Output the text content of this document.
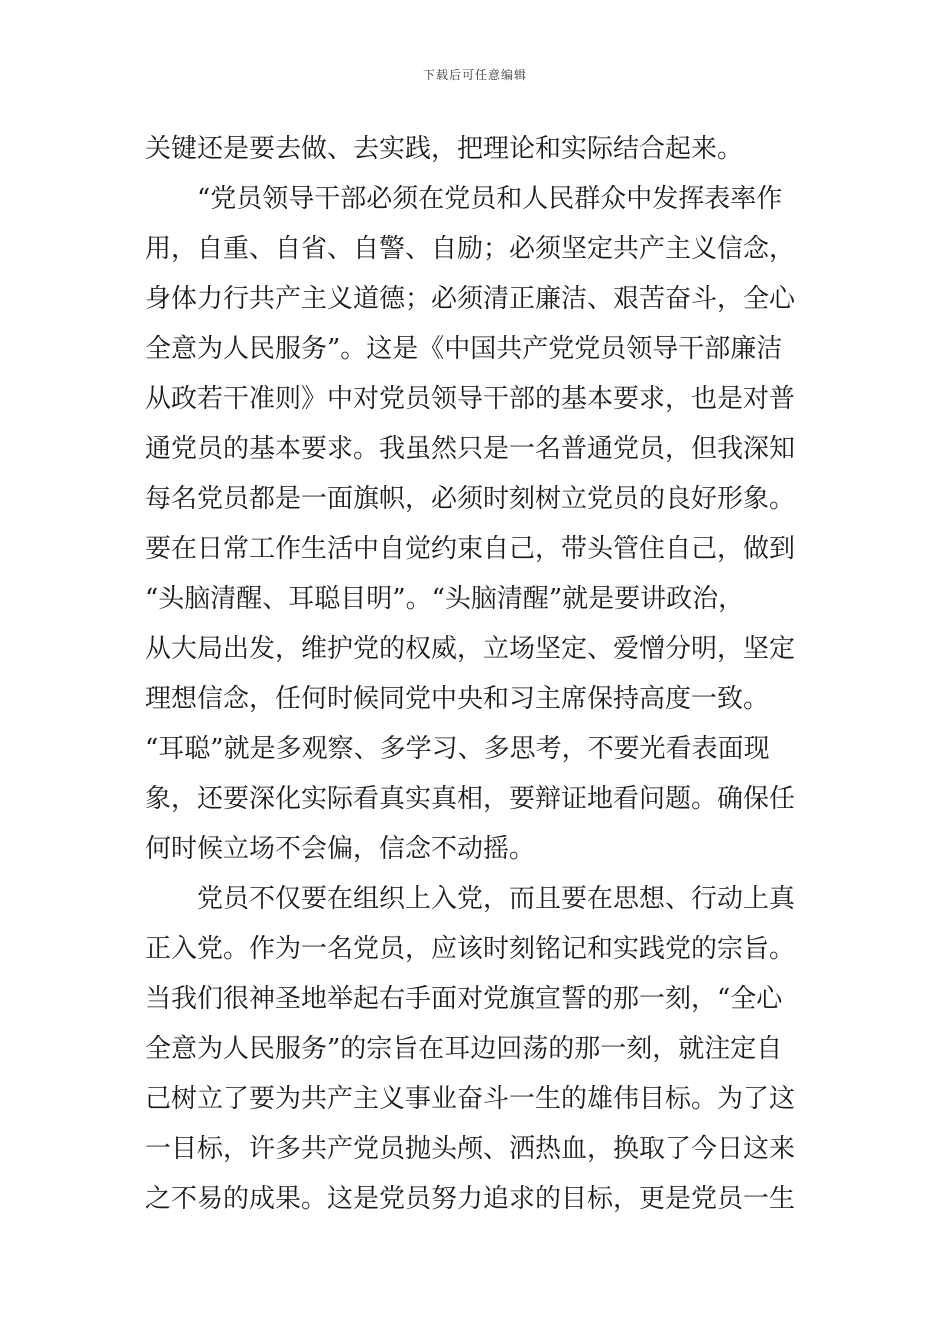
下载后可任意编辑
关键还是要去做、去实践，把理论和实际结合起来。
“党员领导干部必须在党员和人民群众中发挥表率作
用，自重、自省、自警、自励；必须坚定共产主义信念，
身体力行共产主义道德；必须清正廉洁、艰苦奋斗，全心
全意为人民服务”。这是《中国共产党党员领导干部廉洁
从政若干准则》中对党员领导干部的基本要求，也是对普
通党员的基本要求。我虽然只是一名普通党员，但我深知
每名党员都是一面旗帜，必须时刻树立党员的良好形象。
要在日常工作生活中自觉约束自己，带头管住自己，做到
“头脑清醒、耳聪目明”。“头脑清醒”就是要讲政治，
从大局出发，维护党的权威，立场坚定、爱憎分明，坚定
理想信念，任何时候同党中央和习主席保持高度一致。
“耳聪”就是多观察、多学习、多思考，不要光看表面现
象，还要深化实际看真实真相，要辩证地看问题。确保任
何时候立场不会偏，信念不动摇。
党员不仅要在组织上入党，而且要在思想、行动上真
正入党。作为一名党员，应该时刻铭记和实践党的宗旨。
当我们很神圣地举起右手面对党旗宣誓的那一刻，“全心
全意为人民服务”的宗旨在耳边回荡的那一刻，就注定自
己树立了要为共产主义事业奋斗一生的雄伟目标。为了这
一目标，许多共产党员抛头颅、洒热血，换取了今日这来
之不易的成果。这是党员努力追求的目标，更是党员一生
